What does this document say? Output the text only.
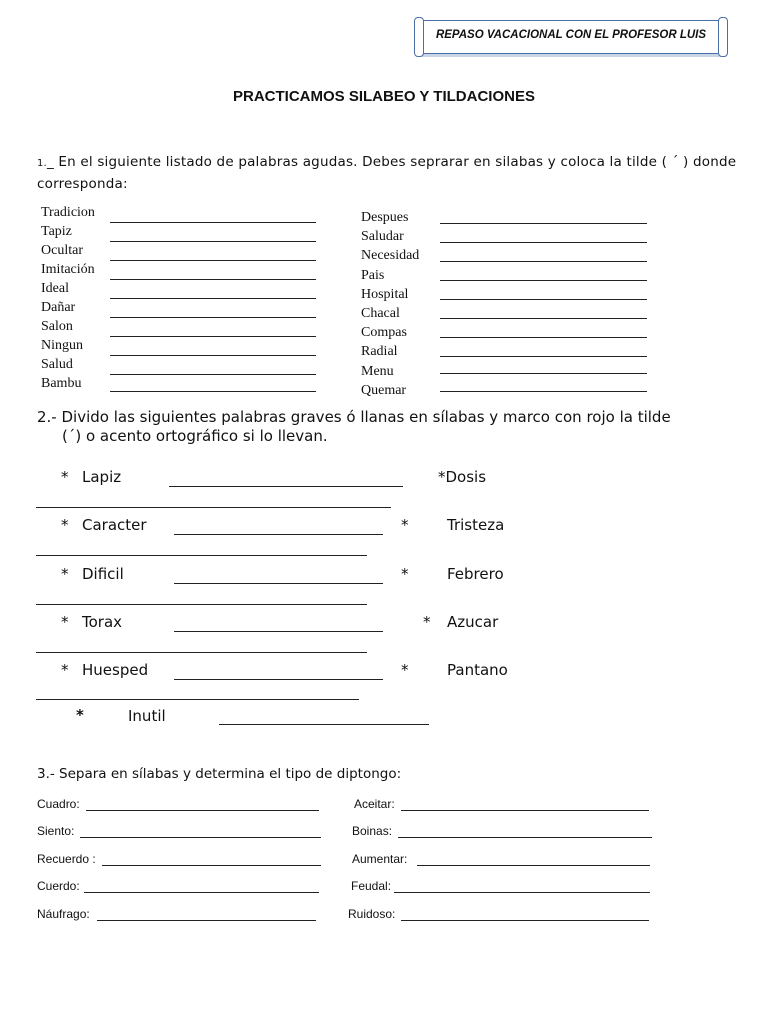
REPASO VACACIONAL CON EL PROFESOR LUIS
PRACTICAMOS SILABEO Y TILDACIONES
1._ En el siguiente listado de palabras agudas. Debes seprarar en silabas y coloca la tilde ( ´ ) donde corresponda:
Tradicion
Tapiz
Ocultar
Imitación
Ideal
Dañar
Salon
Ningun
Salud
Bambu
Despues
Saludar
Necesidad
Pais
Hospital
Chacal
Compas
Radial
Menu
Quemar
2.- Divido las siguientes palabras graves ó llanas en sílabas y marco con rojo la tilde
(´) o acento ortográfico si lo llevan.
* Lapiz	*Dosis
* Caracter	*	Tristeza
* Dificil	*	Febrero
* Torax	* Azucar
* Huesped	*	Pantano
*	Inutil
3.- Separa en sílabas y determina el tipo de diptongo:
Cuadro:
Siento:
Recuerdo :
Cuerdo:
Náufrago:
Aceitar:
Boinas:
Aumentar:
Feudal:
Ruidoso:
